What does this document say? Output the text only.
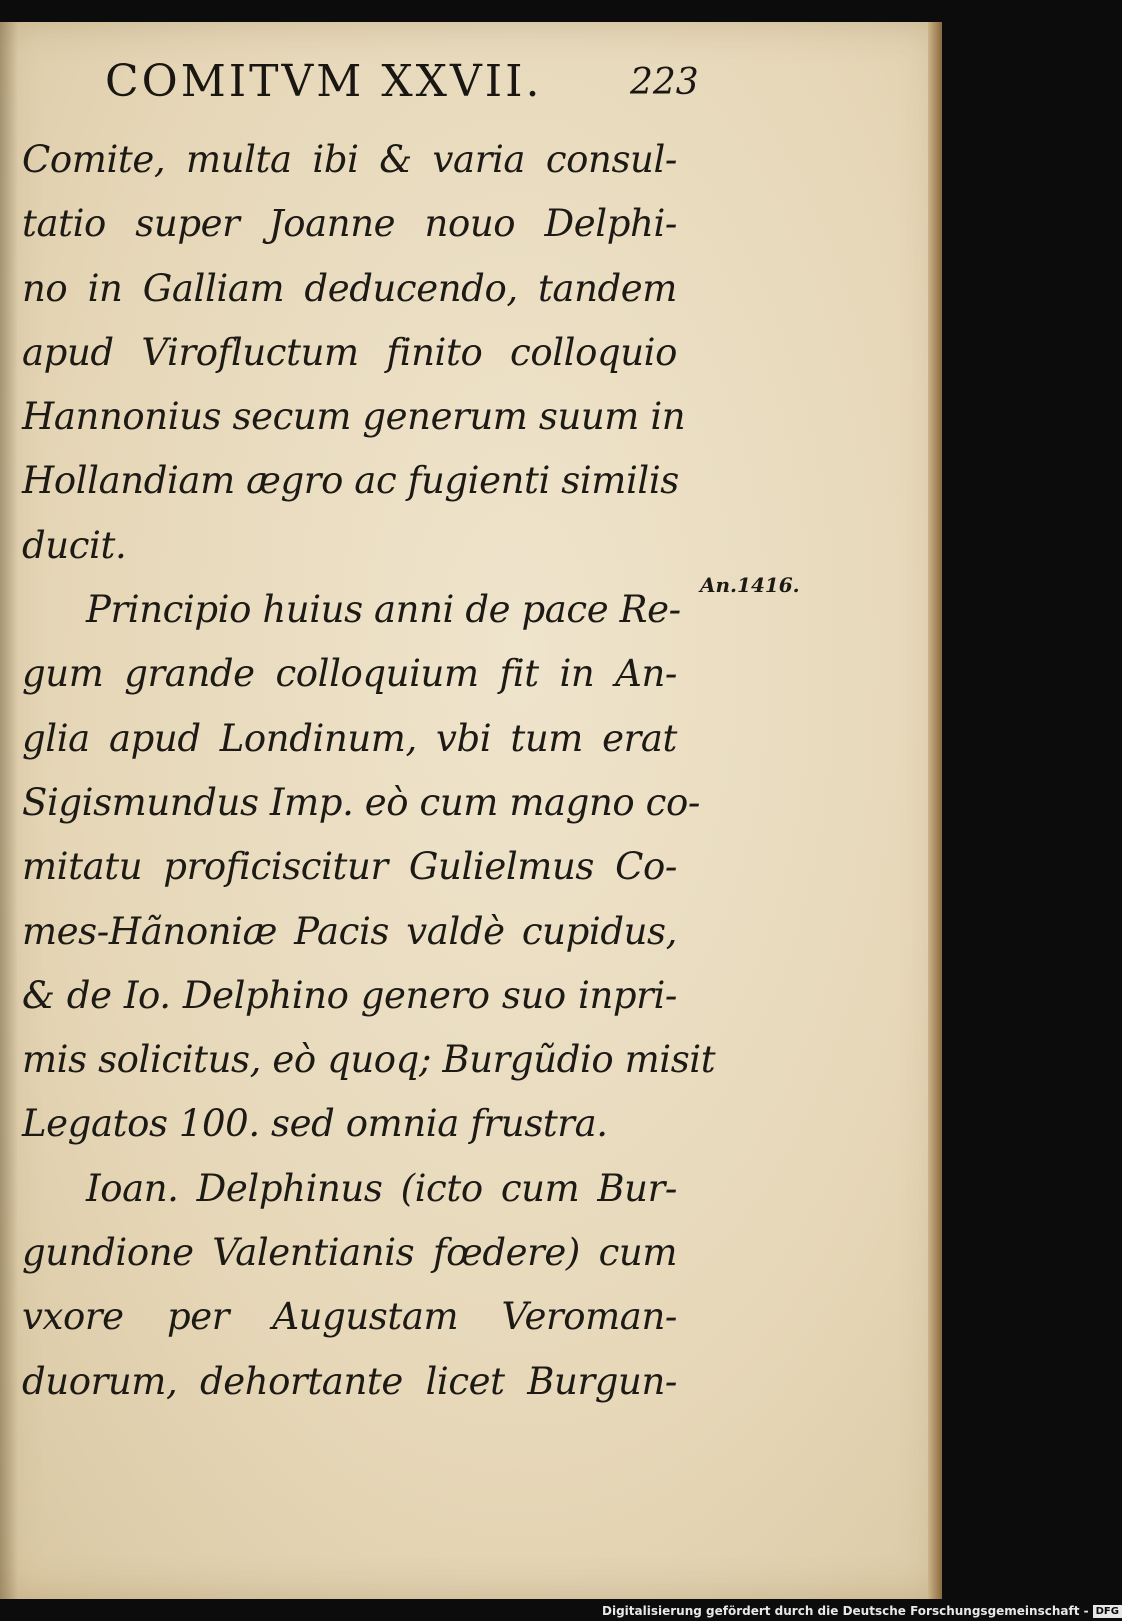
COMITVM XXVII. 223
Comite, multa ibi & varia consul-
tatio super Joanne nouo Delphi-
no in Galliam deducendo, tandem
apud Virofluctum finito colloquio
Hannonius secum generum suum in
Hollandiam ægro ac fugienti similis
ducit.
Principio huius anni de pace Re-
gum grande colloquium fit in An-
glia apud Londinum, vbi tum erat
Sigismundus Imp. eò cum magno co-
mitatu proficiscitur Gulielmus Co-
mes-Hãnoniæ Pacis valdè cupidus,
& de Io. Delphino genero suo inpri-
mis solicitus, eò quoq; Burgũdio misit
Legatos 100. sed omnia frustra.
Ioan. Delphinus (icto cum Bur-
gundione Valentianis fœdere) cum
vxore per Augustam Veroman-
duorum, dehortante licet Burgun-
An.1416.
Digitalisierung gefördert durch die Deutsche Forschungsgemeinschaft - DFG
